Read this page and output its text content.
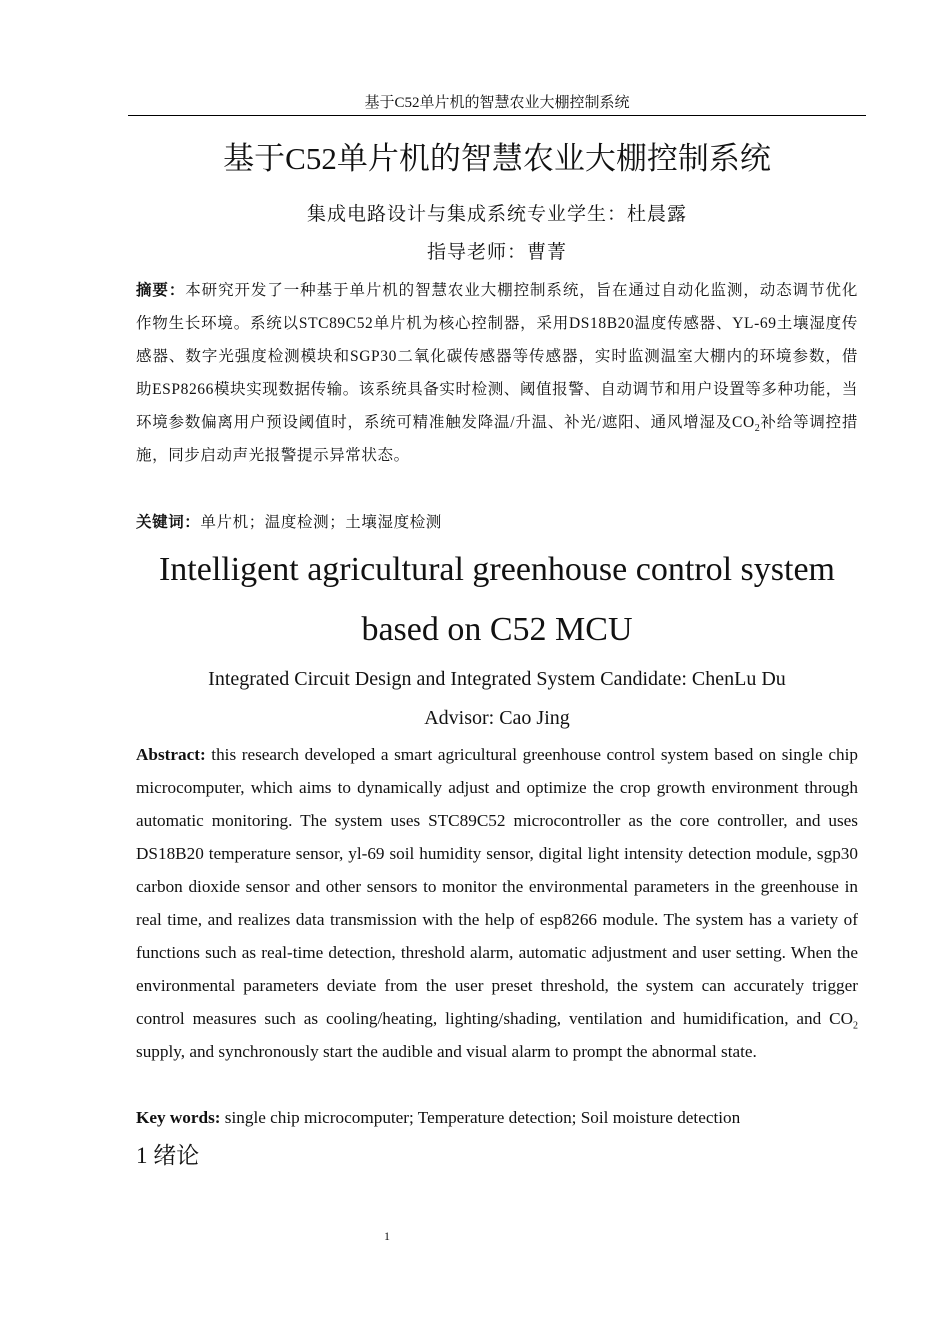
基于C52单片机的智慧农业大棚控制系统
基于C52单片机的智慧农业大棚控制系统
集成电路设计与集成系统专业学生：杜晨露
指导老师：曹菁

摘要：本研究开发了一种基于单片机的智慧农业大棚控制系统，旨在通过自动化监测，动态调节优化作物生长环境。系统以STC89C52单片机为核心控制器，采用DS18B20温度传感器、YL-69土壤湿度传感器、数字光强度检测模块和SGP30二氧化碳传感器等传感器，实时监测温室大棚内的环境参数，借助ESP8266模块实现数据传输。该系统具备实时检测、阈值报警、自动调节和用户设置等多种功能，当环境参数偏离用户预设阈值时，系统可精准触发降温/升温、补光/遮阳、通风增湿及$CO_2$补给等调控措施，同步启动声光报警提示异常状态。

关键词：单片机；温度检测；土壤湿度检测
Intelligent agricultural greenhouse control system
based on C52 MCU
Integrated Circuit Design and Integrated System Candidate: ChenLu Du
Advisor: Cao Jing

Abstract: this research developed a smart agricultural greenhouse control system based on single chip microcomputer, which aims to dynamically adjust and optimize the crop growth environment through automatic monitoring. The system uses STC89C52 microcontroller as the core controller, and uses DS18B20 temperature sensor, yl-69 soil humidity sensor, digital light intensity detection module, sgp30 carbon dioxide sensor and other sensors to monitor the environmental parameters in the greenhouse in real time, and realizes data transmission with the help of esp8266 module. The system has a variety of functions such as real-time detection, threshold alarm, automatic adjustment and user setting. When the environmental parameters deviate from the user preset threshold, the system can accurately trigger control measures such as cooling/heating, lighting/shading, ventilation and humidification, and $CO_2$ supply, and synchronously start the audible and visual alarm to prompt the abnormal state.

Key words: single chip microcomputer; Temperature detection; Soil moisture detection
1 绪论
1
